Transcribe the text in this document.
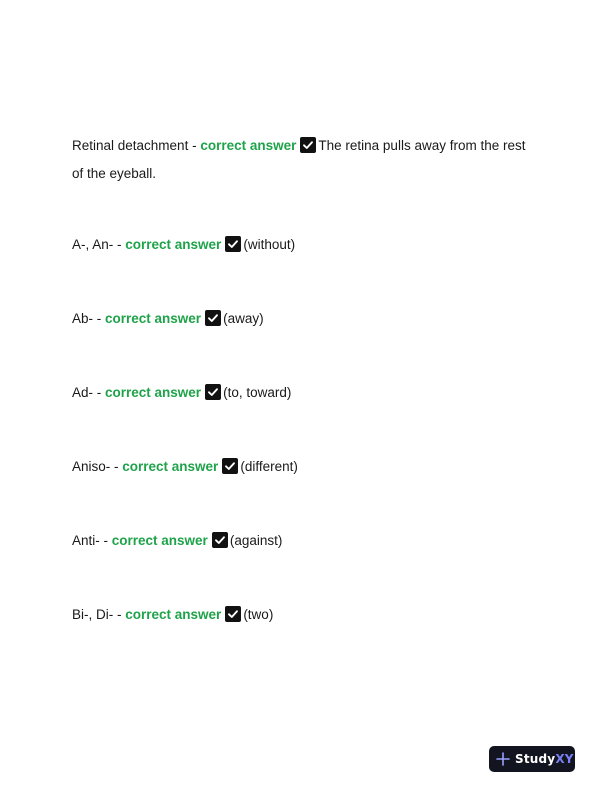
Retinal detachment - correct answer The retina pulls away from the rest
of the eyeball.

A-, An- - correct answer (without)

Ab- - correct answer (away)

Ad- - correct answer (to, toward)

Aniso- - correct answer (different)

Anti- - correct answer (against)

Bi-, Di- - correct answer (two)

StudyXY
